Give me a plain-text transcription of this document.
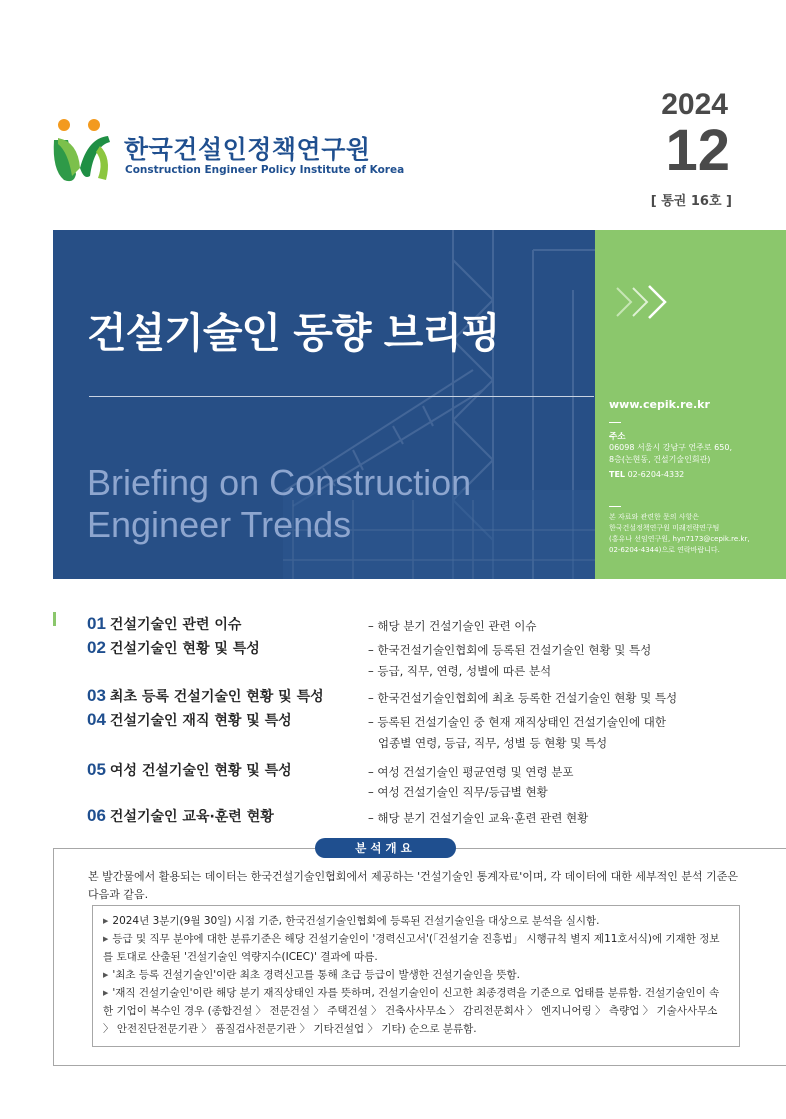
한국건설인정책연구원
Construction Engineer Policy Institute of Korea
2024
12
[ 통권 16호 ]
건설기술인 동향 브리핑
Briefing on Construction
Engineer Trends
www.cepik.re.kr
주소
06098 서울시 강남구 언주로 650,
8층(논현동, 건설기술인회관)
TEL 02-6204-4332
본 자료와 관련한 문의 사항은
한국건설정책연구원 미래전략연구팀
(홍유나 선임연구원, hyn7173@cepik.re.kr,
02-6204-4344)으로 연락바랍니다.
01 건설기술인 관련 이슈	– 해당 분기 건설기술인 관련 이슈
02 건설기술인 현황 및 특성	– 한국건설기술인협회에 등록된 건설기술인 현황 및 특성
– 등급, 직무, 연령, 성별에 따른 분석
03 최초 등록 건설기술인 현황 및 특성	– 한국건설기술인협회에 최초 등록한 건설기술인 현황 및 특성
04 건설기술인 재직 현황 및 특성	– 등록된 건설기술인 중 현재 재직상태인 건설기술인에 대한
업종별 연령, 등급, 직무, 성별 등 현황 및 특성
05 여성 건설기술인 현황 및 특성	– 여성 건설기술인 평균연령 및 연령 분포
– 여성 건설기술인 직무/등급별 현황
06 건설기술인 교육·훈련 현황	– 해당 분기 건설기술인 교육·훈련 관련 현황
분석개요
본 발간물에서 활용되는 데이터는 한국건설기술인협회에서 제공하는 '건설기술인 통계자료'이며, 각 데이터에 대한 세부적인 분석 기준은 다음과 같음.
▶ 2024년 3분기(9월 30일) 시점 기준, 한국건설기술인협회에 등록된 건설기술인을 대상으로 분석을 실시함.
▶ 등급 및 직무 분야에 대한 분류기준은 해당 건설기술인이 '경력신고서'(「건설기술 진흥법」 시행규칙 별지 제11호서식)에 기재한 정보를 토대로 산출된 '건설기술인 역량지수(ICEC)' 결과에 따름.
▶ '최초 등록 건설기술인'이란 최초 경력신고를 통해 초급 등급이 발생한 건설기술인을 뜻함.
▶ '재직 건설기술인'이란 해당 분기 재직상태인 자를 뜻하며, 건설기술인이 신고한 최종경력을 기준으로 업태를 분류함. 건설기술인이 속한 기업이 복수인 경우 (종합건설 〉 전문건설 〉 주택건설 〉 건축사사무소 〉 감리전문회사 〉 엔지니어링 〉 측량업 〉 기술사사무소 〉 안전진단전문기관 〉 품질검사전문기관 〉 기타건설업 〉 기타) 순으로 분류함.
